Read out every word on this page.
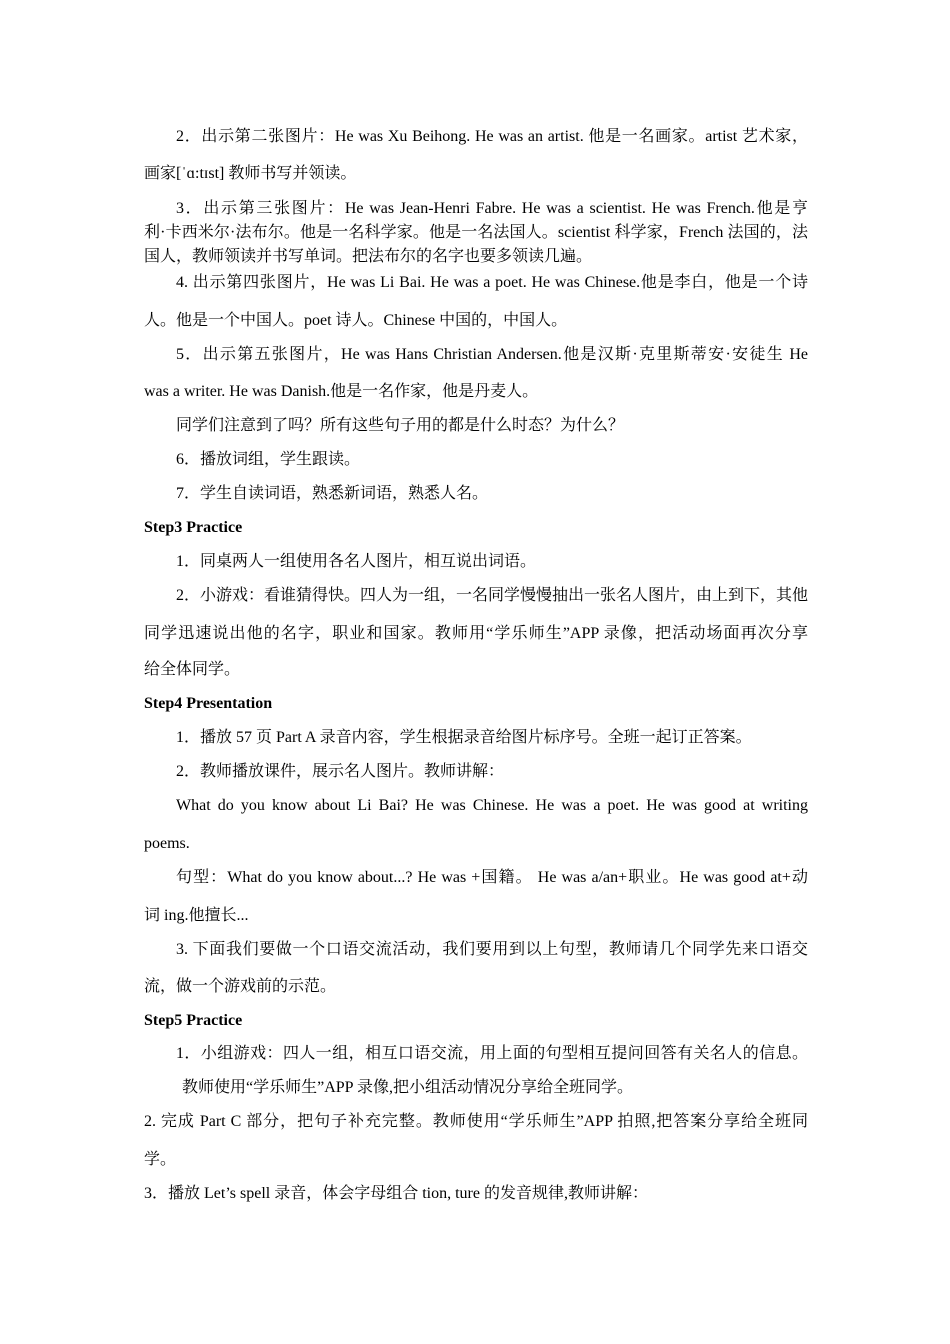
2．出示第二张图片：He was Xu Beihong. He was an artist. 他是一名画家。artist 艺术家，
画家[ˈɑ:tɪst] 教师书写并领读。
3．出示第三张图片：He was Jean-Henri Fabre. He was a scientist. He was French.他是亨
利·卡西米尔·法布尔。他是一名科学家。他是一名法国人。scientist 科学家，French 法国的，法
国人，教师领读并书写单词。把法布尔的名字也要多领读几遍。
4. 出示第四张图片，He was Li Bai. He was a poet. He was Chinese.他是李白，他是一个诗
人。他是一个中国人。poet 诗人。Chinese 中国的，中国人。
5．出示第五张图片，He was Hans Christian Andersen.他是汉斯·克里斯蒂安·安徒生 He
was a writer. He was Danish.他是一名作家，他是丹麦人。
同学们注意到了吗？所有这些句子用的都是什么时态？为什么？
6．播放词组，学生跟读。
7．学生自读词语，熟悉新词语，熟悉人名。
Step3 Practice
1．同桌两人一组使用各名人图片，相互说出词语。
2．小游戏：看谁猜得快。四人为一组，一名同学慢慢抽出一张名人图片，由上到下，其他
同学迅速说出他的名字，职业和国家。教师用“学乐师生”APP 录像，把活动场面再次分享
给全体同学。
Step4 Presentation
1．播放 57 页 Part A 录音内容，学生根据录音给图片标序号。全班一起订正答案。
2．教师播放课件，展示名人图片。教师讲解：
What do you know about Li Bai? He was Chinese. He was a poet. He was good at writing
poems.
句型：What do you know about...? He was +国籍。 He was a/an+职业。He was good at+动
词 ing.他擅长...
3. 下面我们要做一个口语交流活动，我们要用到以上句型，教师请几个同学先来口语交
流，做一个游戏前的示范。
Step5 Practice
1．小组游戏：四人一组，相互口语交流，用上面的句型相互提问回答有关名人的信息。
教师使用“学乐师生”APP 录像,把小组活动情况分享给全班同学。
2. 完成 Part C 部分，把句子补充完整。教师使用“学乐师生”APP 拍照,把答案分享给全班同
学。
3．播放 Let’s spell 录音，体会字母组合 tion, ture 的发音规律,教师讲解：
